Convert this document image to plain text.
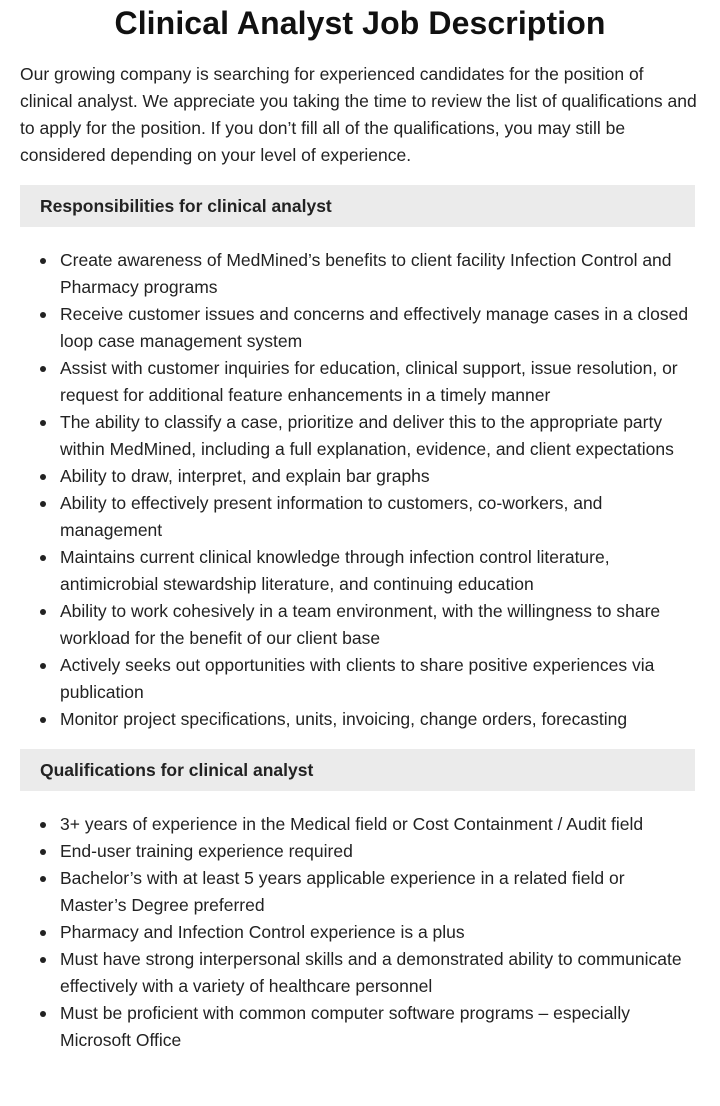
Clinical Analyst Job Description

Our growing company is searching for experienced candidates for the position of clinical analyst. We appreciate you taking the time to review the list of qualifications and to apply for the position. If you don’t fill all of the qualifications, you may still be considered depending on your level of experience.

Responsibilities for clinical analyst
Create awareness of MedMined’s benefits to client facility Infection Control and Pharmacy programs
Receive customer issues and concerns and effectively manage cases in a closed loop case management system
Assist with customer inquiries for education, clinical support, issue resolution, or request for additional feature enhancements in a timely manner
The ability to classify a case, prioritize and deliver this to the appropriate party within MedMined, including a full explanation, evidence, and client expectations
Ability to draw, interpret, and explain bar graphs
Ability to effectively present information to customers, co-workers, and management
Maintains current clinical knowledge through infection control literature, antimicrobial stewardship literature, and continuing education
Ability to work cohesively in a team environment, with the willingness to share workload for the benefit of our client base
Actively seeks out opportunities with clients to share positive experiences via publication
Monitor project specifications, units, invoicing, change orders, forecasting
Qualifications for clinical analyst
3+ years of experience in the Medical field or Cost Containment / Audit field
End-user training experience required
Bachelor’s with at least 5 years applicable experience in a related field or Master’s Degree preferred
Pharmacy and Infection Control experience is a plus
Must have strong interpersonal skills and a demonstrated ability to communicate effectively with a variety of healthcare personnel
Must be proficient with common computer software programs – especially Microsoft Office
